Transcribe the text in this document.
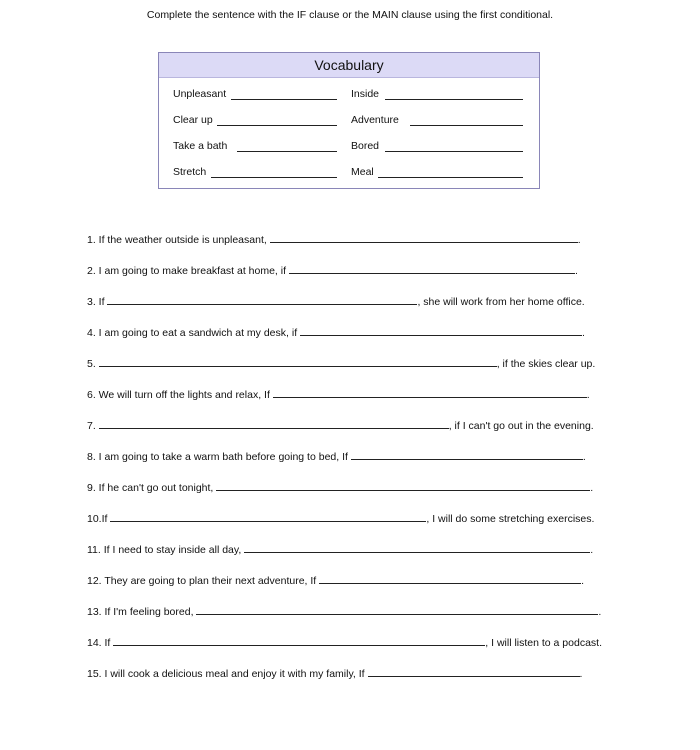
Complete the sentence with the IF clause or the MAIN clause using the first conditional.
Vocabulary
Unpleasant	Inside
Clear up	Adventure
Take a bath	Bored
Stretch	Meal
1. If the weather outside is unpleasant,	.
2. I am going to make breakfast at home, if	.
3. If	, she will work from her home office.
4. I am going to eat a sandwich at my desk, if	.
5.	, if the skies clear up.
6. We will turn off the lights and relax, If	.
7.	, if I can't go out in the evening.
8. I am going to take a warm bath before going to bed, If	.
9. If he can't go out tonight,	.
10.If	, I will do some stretching exercises.
11. If I need to stay inside all day,	.
12. They are going to plan their next adventure, If	.
13. If I'm feeling bored,	.
14. If	, I will listen to a podcast.
15. I will cook a delicious meal and enjoy it with my family, If	.
